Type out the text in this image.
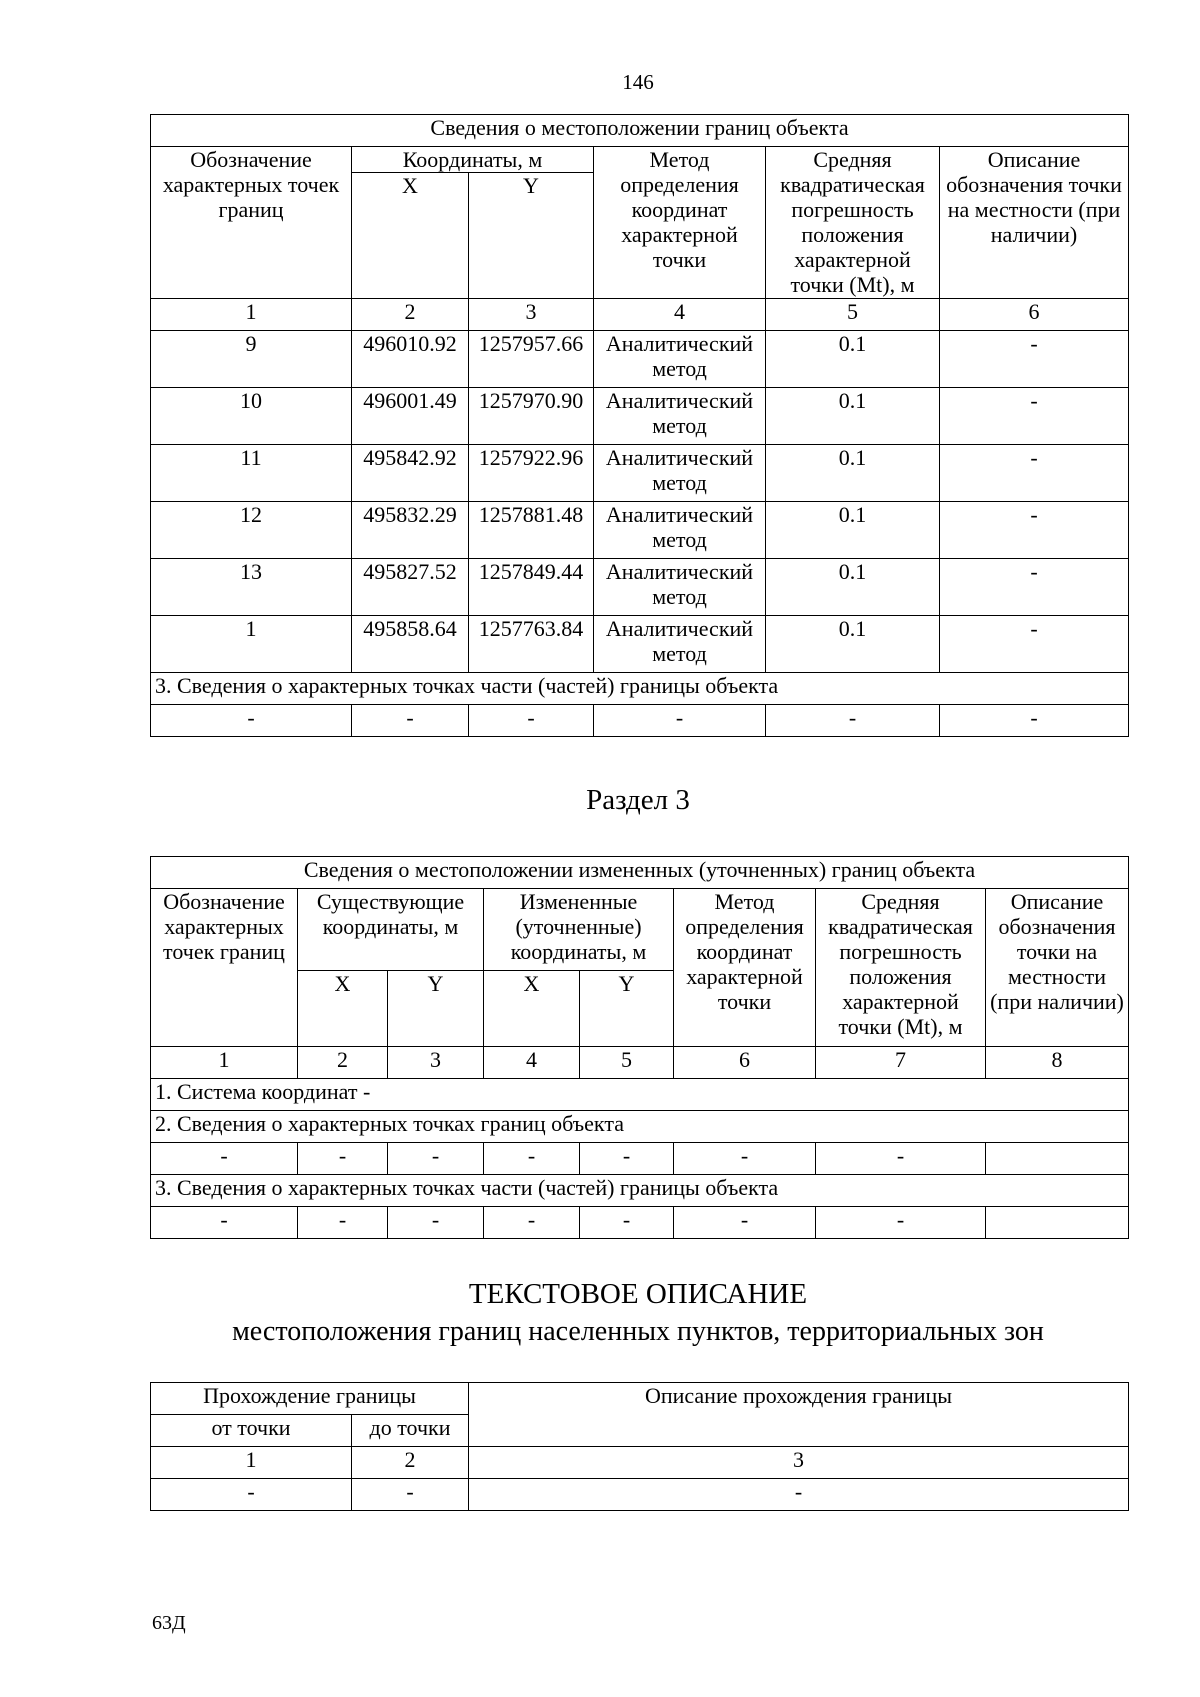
146
Сведения о местоположении границ объекта					
Обозначение характерных точек границ	Координаты, м		Метод определения координат характерной точки	Средняя квадратическая погрешность положения характерной точки (Mt), м	Описание обозначения точки на местности (при наличии)
	X	Y			
1	2	3	4	5	6
9	496010.92	1257957.66	Аналитический метод	0.1	-
10	496001.49	1257970.90	Аналитический метод	0.1	-
11	495842.92	1257922.96	Аналитический метод	0.1	-
12	495832.29	1257881.48	Аналитический метод	0.1	-
13	495827.52	1257849.44	Аналитический метод	0.1	-
1	495858.64	1257763.84	Аналитический метод	0.1	-
3. Сведения о характерных точках части (частей) границы объекта					
-	-	-	-	-	-
Раздел 3
Сведения о местоположении измененных (уточненных) границ объекта							
Обозначение характерных точек границ	Существующие координаты, м		Измененные (уточненные) координаты, м		Метод определения координат характерной точки	Средняя квадратическая погрешность положения характерной точки (Mt), м	Описание обозначения точки на местности (при наличии)
	X	Y	X	Y			
1	2	3	4	5	6	7	8
1. Система координат -							
2. Сведения о характерных точках границ объекта							
-	-	-	-	-	-	-	
3. Сведения о характерных точках части (частей) границы объекта							
-	-	-	-	-	-	-	
ТЕКСТОВОЕ ОПИСАНИЕ
местоположения границ населенных пунктов, территориальных зон
Прохождение границы		Описание прохождения границы
от точки	до точки	
1	2	3
-	-	-
63Д
